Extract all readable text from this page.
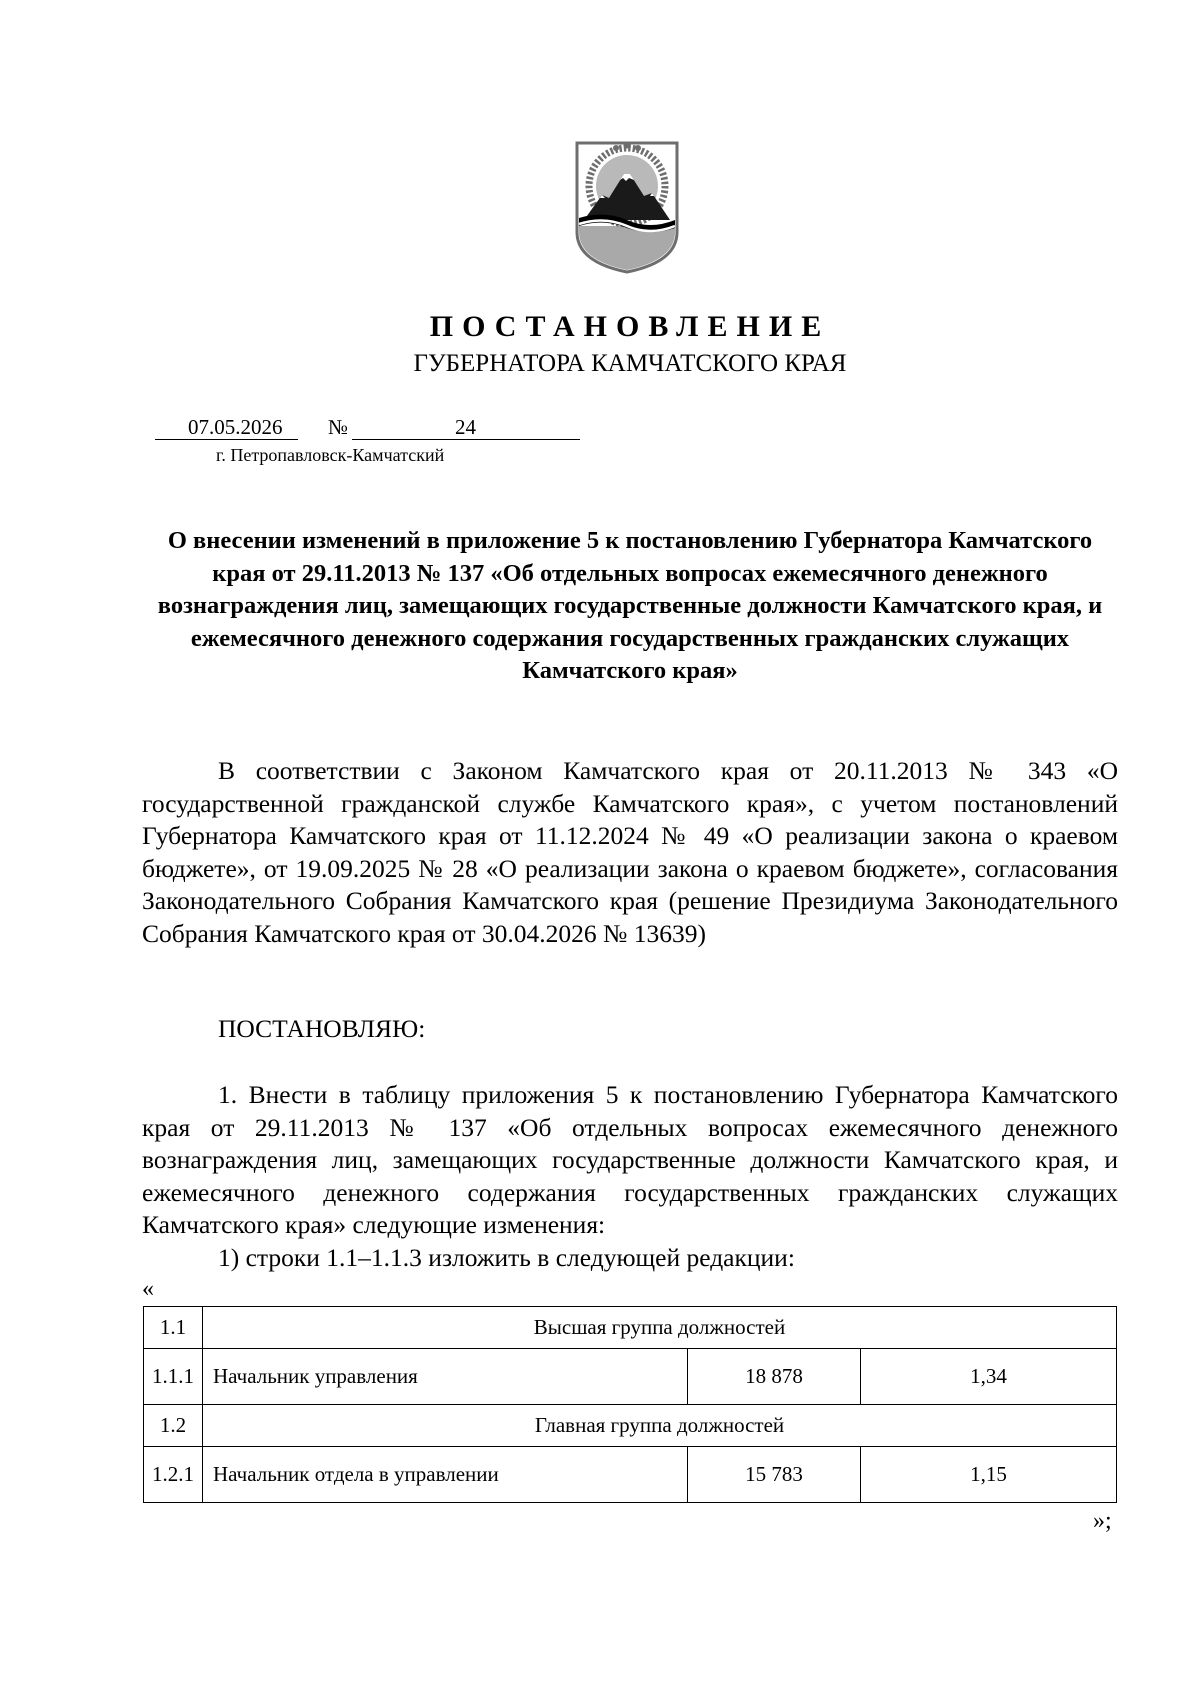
ПОСТАНОВЛЕНИЕ
ГУБЕРНАТОРА КАМЧАТСКОГО КРАЯ
07.05.2026 №	24
г. Петропавловск-Камчатский
О внесении изменений в приложение 5 к постановлению Губернатора Камчатского края от 29.11.2013 № 137 «Об отдельных вопросах ежемесячного денежного вознаграждения лиц, замещающих государственные должности Камчатского края, и ежемесячного денежного содержания государственных гражданских служащих Камчатского края»
В соответствии с Законом Камчатского края от 20.11.2013 № 343 «О государственной гражданской службе Камчатского края», с учетом постановлений Губернатора Камчатского края от 11.12.2024 № 49 «О реализации закона о краевом бюджете», от 19.09.2025 № 28 «О реализации закона о краевом бюджете», согласования Законодательного Собрания Камчатского края (решение Президиума Законодательного Собрания Камчатского края от 30.04.2026 № 13639)
ПОСТАНОВЛЯЮ:
1. Внести в таблицу приложения 5 к постановлению Губернатора Камчатского края от 29.11.2013 № 137 «Об отдельных вопросах ежемесячного денежного вознаграждения лиц, замещающих государственные должности Камчатского края, и ежемесячного денежного содержания государственных гражданских служащих Камчатского края» следующие изменения:
1) строки 1.1–1.1.3 изложить в следующей редакции:
«
1.1	Высшая группа должностей		
1.1.1	Начальник управления	18 878	1,34
1.2	Главная группа должностей		
1.2.1	Начальник отдела в управлении	15 783	1,15
»;
